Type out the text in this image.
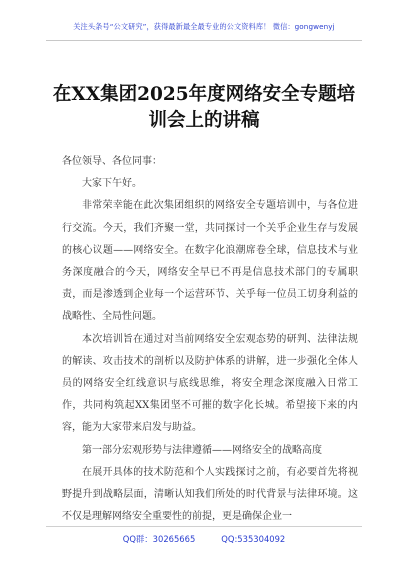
关注头条号“公文研究”，获得最新最全最专业的公文资料库！ 微信：gongwenyj
在XX集团2025年度网络安全专题培
训会上的讲稿

各位领导、各位同事：

大家下午好。

非常荣幸能在此次集团组织的网络安全专题培训中，与各位进行交流。今天，我们齐聚一堂，共同探讨一个关乎企业生存与发展的核心议题——网络安全。在数字化浪潮席卷全球，信息技术与业务深度融合的今天，网络安全早已不再是信息技术部门的专属职责，而是渗透到企业每一个运营环节、关乎每一位员工切身利益的战略性、全局性问题。

本次培训旨在通过对当前网络安全宏观态势的研判、法律法规的解读、攻击技术的剖析以及防护体系的讲解，进一步强化全体人员的网络安全红线意识与底线思维，将安全理念深度融入日常工作，共同构筑起XX集团坚不可摧的数字化长城。希望接下来的内容，能为大家带来启发与助益。

第一部分宏观形势与法律遵循——网络安全的战略高度

在展开具体的技术防范和个人实践探讨之前，有必要首先将视野提升到战略层面，清晰认知我们所处的时代背景与法律环境。这不仅是理解网络安全重要性的前提，更是确保企业一

QQ群：30265665	QQ:535304092
